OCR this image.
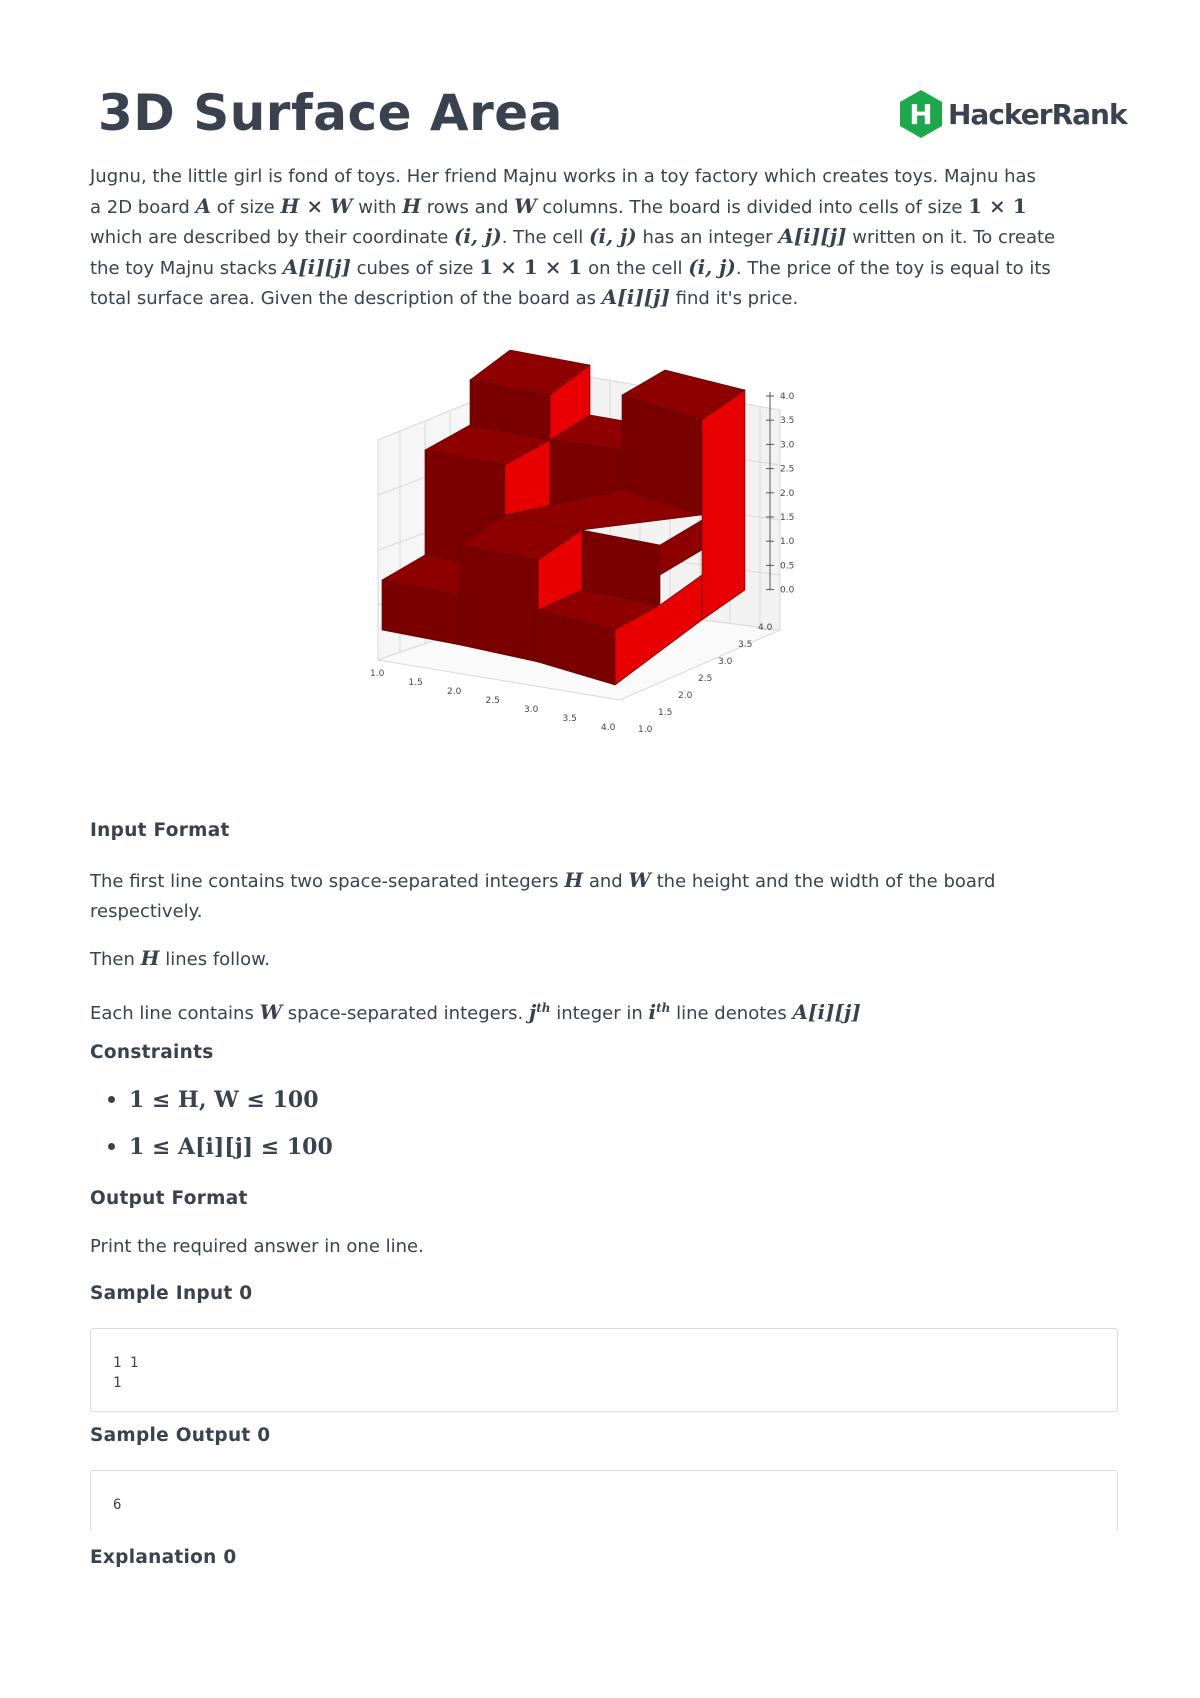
3D Surface Area	H HackerRank
Jugnu, the little girl is fond of toys. Her friend Majnu works in a toy factory which creates toys. Majnu has
a 2D board A of size H × W with H rows and W columns. The board is divided into cells of size 1 × 1
which are described by their coordinate (i, j). The cell (i, j) has an integer A[i][j] written on it. To create
the toy Majnu stacks A[i][j] cubes of size 1 × 1 × 1 on the cell (i, j). The price of the toy is equal to its
total surface area. Given the description of the board as A[i][j] find it's price.
4.0
3.5
3.0
2.5
2.0
1.5
1.0
0.5
0.0
1.0
1.5
2.0
2.5
3.0
3.5
4.0
4.0
3.5
3.0
2.5
2.0
1.5
1.0
Input Format
The first line contains two space-separated integers H and W the height and the width of the board
respectively.
Then H lines follow.
Each line contains W space-separated integers. $j^{th}$ integer in $i^{th}$ line denotes A[i][j]
Constraints
1 ≤ H, W ≤ 100
1 ≤ A[i][j] ≤ 100
Output Format
Print the required answer in one line.
Sample Input 0
1 1
1
Sample Output 0
6
Explanation 0
